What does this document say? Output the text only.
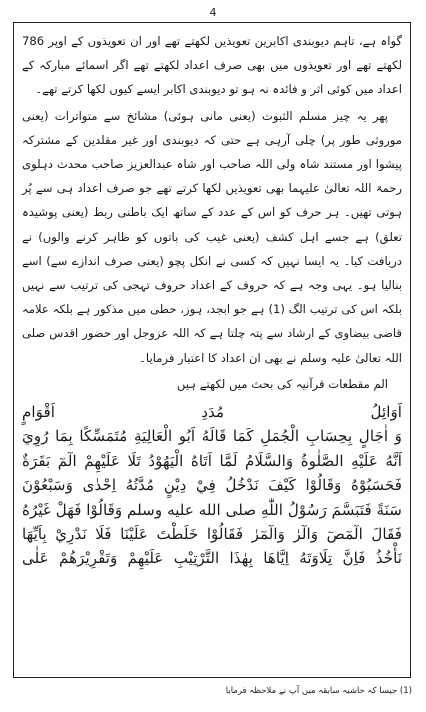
4

گواہ ہے، تاہم دیوبندی اکابرین تعویذیں لکھتے تھے اور ان تعویذوں کے اوپر 786 لکھتے تھے اور تعویذوں میں بھی صرف اعداد لکھتے تھے اگر اسمائے مبارکہ کے اعداد میں کوئی اثر و فائدہ نہ ہو تو دیوبندی اکابر ایسے کیوں لکھا کرتے تھے۔

پھر یہ چیز مسلم الثبوت (یعنی مانی ہوئی) مشائخ سے متواترات (یعنی موروثی طور پر) چلی آرہی ہے حتی کہ دیوبندی اور غیر مقلدین کے مشترکہ پیشوا اور مستند شاہ ولی اللہ صاحب اور شاہ عبدالعزیز صاحب محدث دہلوی رحمۃ اللہ تعالیٰ علیہما بھی تعویذیں لکھا کرتے تھے جو صرف اعداد ہی سے پُر ہوتی تھیں۔ ہر حرف کو اس کے عدد کے ساتھ ایک باطنی ربط (یعنی پوشیدہ تعلق) ہے جسے اہل کشف (یعنی غیب کی باتوں کو ظاہر کرنے والوں) نے دریافت کیا۔ یہ ایسا نہیں کہ کسی نے انکل پچو (یعنی صرف اندازے سے) اسے بنالیا ہو۔ یہی وجہ ہے کہ حروف کے اعداد حروف تہجی کی ترتیب سے نہیں بلکہ اس کی ترتیب الگ (1) ہے جو ابجد، ہوز، حطی میں مذکور ہے بلکہ علامہ قاضی بیضاوی کے ارشاد سے پتہ چلتا ہے کہ اللہ عزوجل اور حضور اقدس صلی اللہ تعالیٰ علیہ وسلم نے بھی ان اعداد کا اعتبار فرمایا۔

الم مقطعات قرآنیہ کی بحث میں لکھتے ہیں

اَوَائِلُ مُدَدِ اَقْوَامٍ

وَ اٰجَالٍ بِحِسَابِ الْجُمَلِ كَمَا قَالَهُ اَبُو الْعَالِيَةِ مُتَمَسِّكًا بِمَا رُوِيَ

اَنَّهُ عَلَيْهِ الصَّلٰوةُ وَالسَّلَامُ لَمَّا اَتَاهُ الْيَهُوْدُ تَلَا عَلَيْهِمْ الٓمٓ بَقَرَةٌ

فَحَسَبُوْهُ وَقَالُوْا كَيْفَ نَدْخُلُ فِيْ دِيْنٍ مُدَّتُهُ اِحْدٰى وَسَبْعُوْنَ

سَنَةً فَتَبَسَّمَ رَسُوْلُ اللّٰهِ صلى الله عليه وسلم وَقَالُوْا فَهَلْ غَيْرُهُ

فَقَالَ الٓمٓصٓ وَالٓرٰ وَالٓمٓرٰ فَقَالُوْا خَلَطْتَ عَلَيْنَا فَلَا نَدْرِيْ بِاَيِّهَا

نَأْخُذُ فَاِنَّ تِلَاوَتَهُ اِيَّاهَا بِهٰذَا التَّرْتِيْبِ عَلَيْهِمْ وَتَقْرِيْرَهُمْ عَلٰى

(1) جیسا کہ حاشیہ سابقہ میں آپ نے ملاحظہ فرمایا
